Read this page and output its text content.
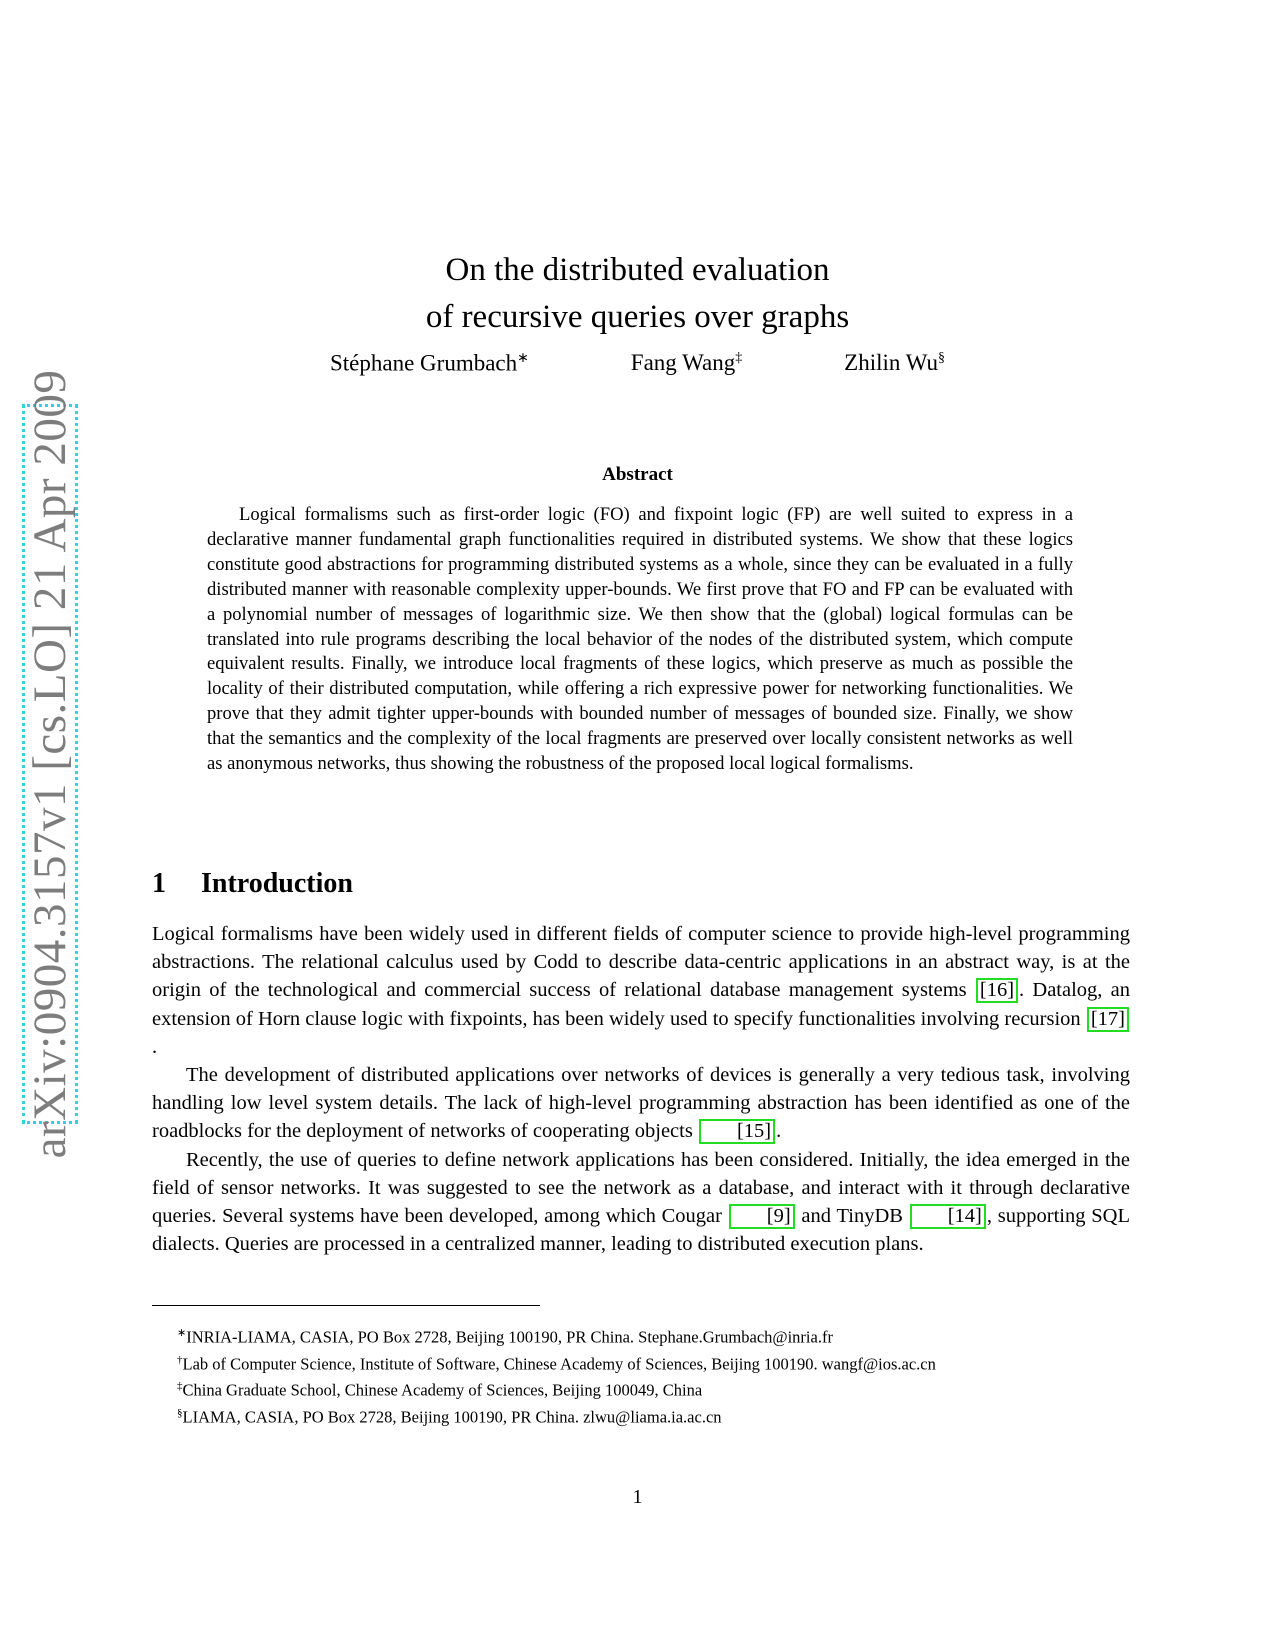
arXiv:0904.3157v1 [cs.LO] 21 Apr 2009
On the distributed evaluation
of recursive queries over graphs
Stéphane Grumbach∗	Fang Wang‡	Zhilin Wu§
Abstract

Logical formalisms such as first-order logic (FO) and fixpoint logic (FP) are well suited to express in a declarative manner fundamental graph functionalities required in distributed systems. We show that these logics constitute good abstractions for programming distributed systems as a whole, since they can be evaluated in a fully distributed manner with reasonable complexity upper-bounds. We first prove that FO and FP can be evaluated with a polynomial number of messages of logarithmic size. We then show that the (global) logical formulas can be translated into rule programs describing the local behavior of the nodes of the distributed system, which compute equivalent results. Finally, we introduce local fragments of these logics, which preserve as much as possible the locality of their distributed computation, while offering a rich expressive power for networking functionalities. We prove that they admit tighter upper-bounds with bounded number of messages of bounded size. Finally, we show that the semantics and the complexity of the local fragments are preserved over locally consistent networks as well as anonymous networks, thus showing the robustness of the proposed local logical formalisms.

1 Introduction

Logical formalisms have been widely used in different fields of computer science to provide high-level programming abstractions. The relational calculus used by Codd to describe data-centric applications in an abstract way, is at the origin of the technological and commercial success of relational database management systems [16] . Datalog, an extension of Horn clause logic with fixpoints, has been widely used to specify functionalities involving recursion [17].

The development of distributed applications over networks of devices is generally a very tedious task, involving handling low level system details. The lack of high-level programming abstraction has been identified as one of the roadblocks for the deployment of networks of cooperating objects [15] .

Recently, the use of queries to define network applications has been considered. Initially, the idea emerged in the field of sensor networks. It was suggested to see the network as a database, and interact with it through declarative queries. Several systems have been developed, among which Cougar [9] and TinyDB [14] , supporting SQL dialects. Queries are processed in a centralized manner, leading to distributed execution plans.

∗INRIA-LIAMA, CASIA, PO Box 2728, Beijing 100190, PR China. Stephane.Grumbach@inria.fr
†Lab of Computer Science, Institute of Software, Chinese Academy of Sciences, Beijing 100190. wangf@ios.ac.cn
‡China Graduate School, Chinese Academy of Sciences, Beijing 100049, China
§LIAMA, CASIA, PO Box 2728, Beijing 100190, PR China. zlwu@liama.ia.ac.cn
1
